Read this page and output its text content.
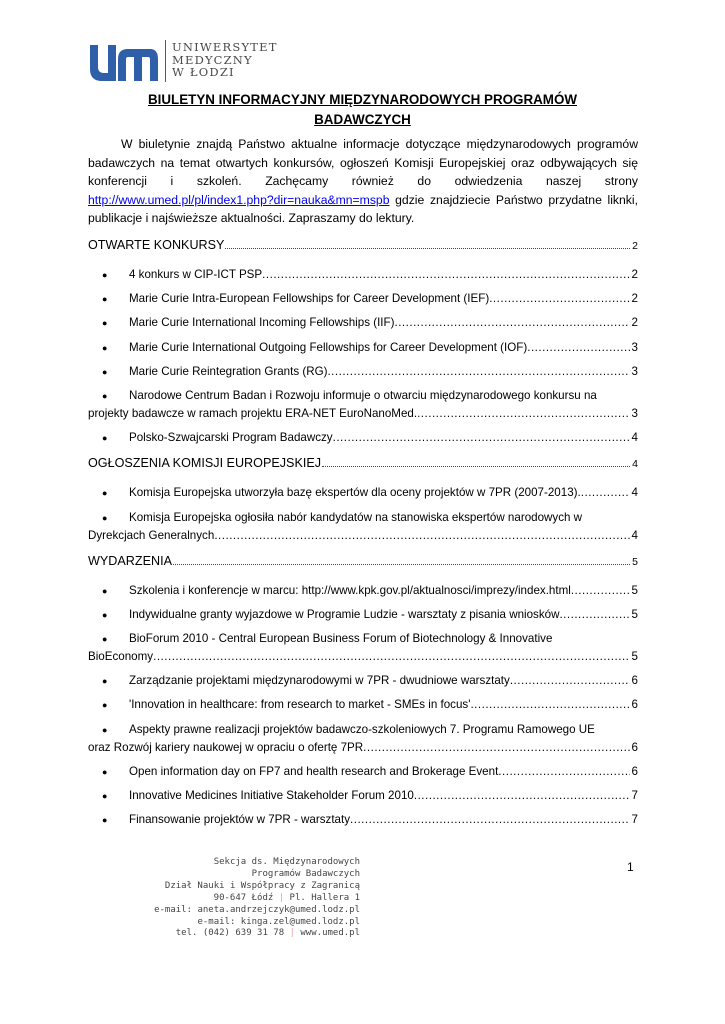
UNIWERSYTET
MEDYCZNY
W ŁODZI
BIULETYN INFORMACYJNY MIĘDZYNARODOWYCH PROGRAMÓW
BADAWCZYCH
W biuletynie znajdą Państwo aktualne informacje dotyczące międzynarodowych programów badawczych na temat otwartych konkursów, ogłoszeń Komisji Europejskiej oraz odbywających się konferencji i szkoleń. Zachęcamy również do odwiedzenia naszej strony http://www.umed.pl/pl/index1.php?dir=nauka&mn=mspb gdzie znajdziecie Państwo przydatne liknki, publikacje i najświeższe aktualności. Zapraszamy do lektury.
OTWARTE KONKURSY	2
● 4 konkurs w CIP-ICT PSP .....	2
● Marie Curie Intra-European Fellowships for Career Development (IEF) .....	2
● Marie Curie International Incoming Fellowships (IIF) .....	2
● Marie Curie International Outgoing Fellowships for Career Development (IOF) .....	3
● Marie Curie Reintegration Grants (RG) .....	3
●	Narodowe Centrum Badan i Rozwoju informuje o otwarciu międzynarodowego konkursu na
projekty badawcze w ramach projektu ERA-NET EuroNanoMed. .....	3
● Polsko-Szwajcarski Program Badawczy .....	4
OGŁOSZENIA KOMISJI EUROPEJSKIEJ	4
● Komisja Europejska utworzyła bazę ekspertów dla oceny projektów w 7PR (2007-2013). .....	4
●	Komisja Europejska ogłosiła nabór kandydatów na stanowiska ekspertów narodowych w
Dyrekcjach Generalnych .....	4
WYDARZENIA	5
● Szkolenia i konferencje w marcu: http://www.kpk.gov.pl/aktualnosci/imprezy/index.html .....	5
● Indywidualne granty wyjazdowe w Programie Ludzie - warsztaty z pisania wniosków .....	5
●	BioForum 2010 - Central European Business Forum of Biotechnology & Innovative
BioEconomy .....	5
● Zarządzanie projektami międzynarodowymi w 7PR - dwudniowe warsztaty .....	6
● 'Innovation in healthcare: from research to market - SMEs in focus' .....	6
●	Aspekty prawne realizacji projektów badawczo-szkoleniowych 7. Programu Ramowego UE
oraz Rozwój kariery naukowej w opraciu o ofertę 7PR .....	6
● Open information day on FP7 and health research and Brokerage Event .....	6
● Innovative Medicines Initiative Stakeholder Forum 2010 .....	7
● Finansowanie projektów w 7PR - warsztaty .....	7
Sekcja ds. Międzynarodowych
Programów Badawczych
Dział Nauki i Współpracy z Zagranicą
90-647 Łódź | Pl. Hallera 1
e-mail: aneta.andrzejczyk@umed.lodz.pl
e-mail: kinga.zel@umed.lodz.pl
tel. (042) 639 31 78 | www.umed.pl
1
